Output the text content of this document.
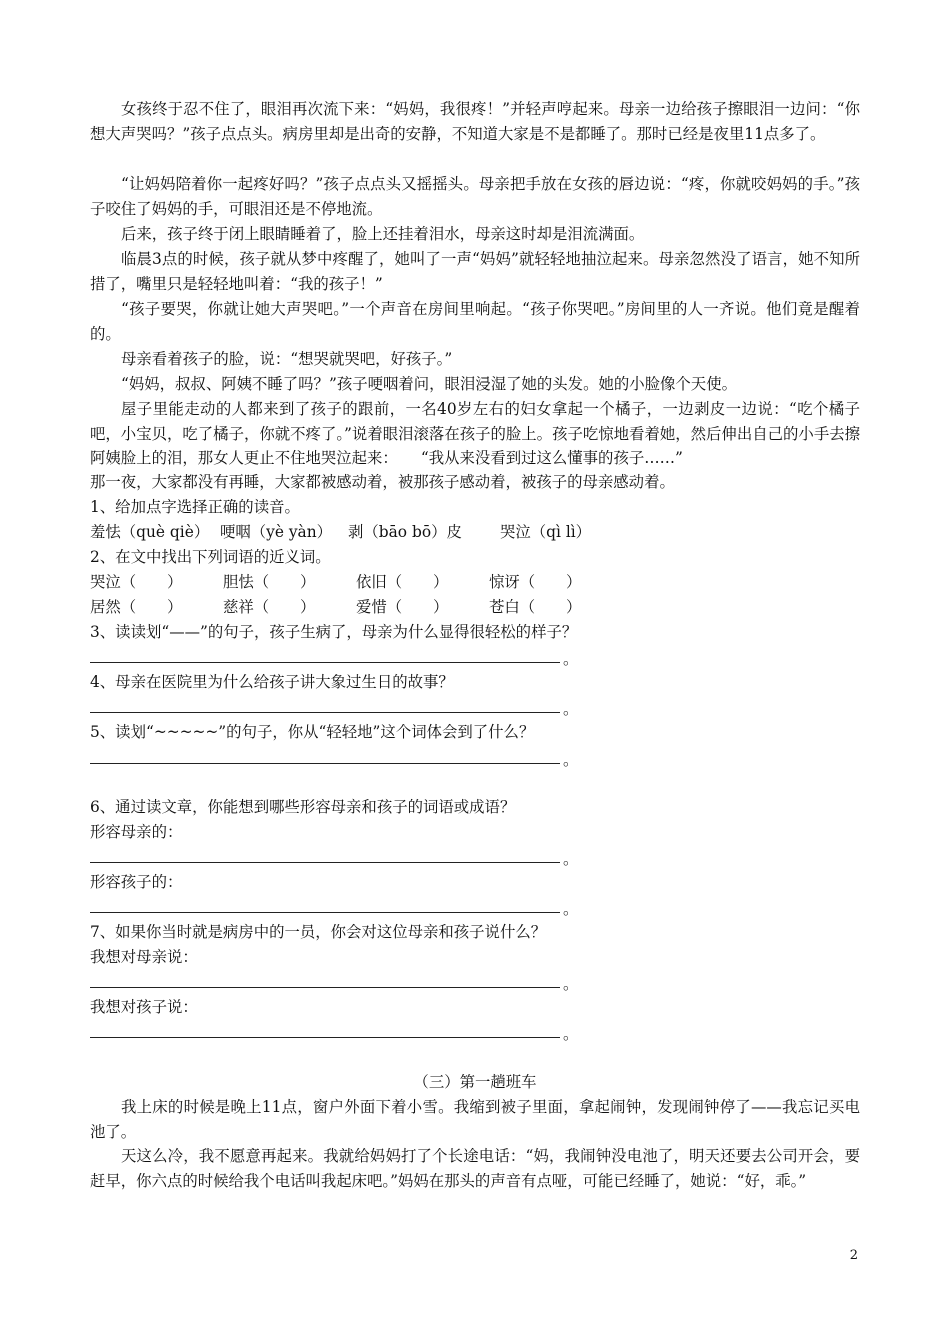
女孩终于忍不住了，眼泪再次流下来：“妈妈，我很疼！”并轻声哼起来。母亲一边给孩子擦眼泪一边问：“你想大声哭吗？”孩子点点头。病房里却是出奇的安静，不知道大家是不是都睡了。那时已经是夜里11点多了。

“让妈妈陪着你一起疼好吗？”孩子点点头又摇摇头。母亲把手放在女孩的唇边说：“疼，你就咬妈妈的手。”孩子咬住了妈妈的手，可眼泪还是不停地流。

后来，孩子终于闭上眼睛睡着了，脸上还挂着泪水，母亲这时却是泪流满面。

临晨3点的时候，孩子就从梦中疼醒了，她叫了一声“妈妈”就轻轻地抽泣起来。母亲忽然没了语言，她不知所措了，嘴里只是轻轻地叫着：“我的孩子！”

“孩子要哭，你就让她大声哭吧。”一个声音在房间里响起。“孩子你哭吧。”房间里的人一齐说。他们竟是醒着的。

母亲看着孩子的脸，说：“想哭就哭吧，好孩子。”

“妈妈，叔叔、阿姨不睡了吗？”孩子哽咽着问，眼泪浸湿了她的头发。她的小脸像个天使。

屋子里能走动的人都来到了孩子的跟前，一名40岁左右的妇女拿起一个橘子，一边剥皮一边说：“吃个橘子吧，小宝贝，吃了橘子，你就不疼了。”说着眼泪滚落在孩子的脸上。孩子吃惊地看着她，然后伸出自己的小手去擦阿姨脸上的泪，那女人更止不住地哭泣起来：　　“我从来没看到过这么懂事的孩子……”

那一夜，大家都没有再睡，大家都被感动着，被那孩子感动着，被孩子的母亲感动着。

1、给加点字选择正确的读音。

羞怯（què qiè） 哽咽（yè yàn） 剥（bāo bō）皮 哭泣（qì lì）

2、在文中找出下列词语的近义词。

哭泣（　　）	胆怯（　　）	依旧（　　）	惊讶（　　）
居然（　　）	慈祥（　　）	爱惜（　　）	苍白（　　）

3、读读划“——”的句子，孩子生病了，母亲为什么显得很轻松的样子？

。

4、母亲在医院里为什么给孩子讲大象过生日的故事？

。

5、读划“~~~~~”的句子，你从“轻轻地”这个词体会到了什么？

。

6、通过读文章，你能想到哪些形容母亲和孩子的词语或成语？

形容母亲的：

。

形容孩子的：

。

7、如果你当时就是病房中的一员，你会对这位母亲和孩子说什么？

我想对母亲说：

。

我想对孩子说：

。
（三）第一趟班车

我上床的时候是晚上11点，窗户外面下着小雪。我缩到被子里面，拿起闹钟，发现闹钟停了——我忘记买电池了。

天这么冷，我不愿意再起来。我就给妈妈打了个长途电话：“妈，我闹钟没电池了，明天还要去公司开会，要赶早，你六点的时候给我个电话叫我起床吧。”妈妈在那头的声音有点哑，可能已经睡了，她说：“好，乖。”

2
